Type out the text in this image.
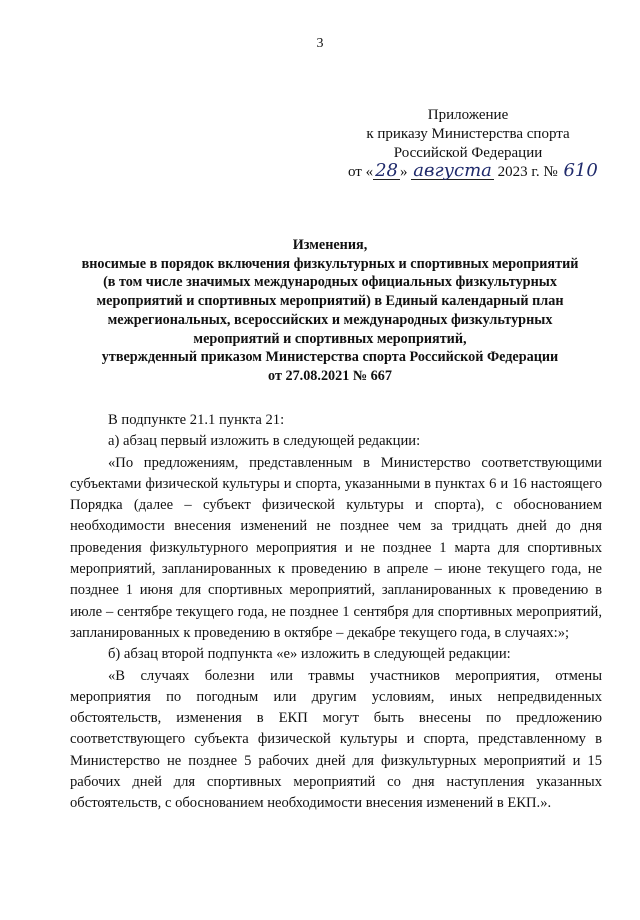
3
Приложение
к приказу Министерства спорта
Российской Федерации
от « 28 » августа 2023 г. № 610
Изменения,
вносимые в порядок включения физкультурных и спортивных мероприятий
(в том числе значимых международных официальных физкультурных
мероприятий и спортивных мероприятий) в Единый календарный план
межрегиональных, всероссийских и международных физкультурных
мероприятий и спортивных мероприятий,
утвержденный приказом Министерства спорта Российской Федерации
от 27.08.2021 № 667

В подпункте 21.1 пункта 21:

а) абзац первый изложить в следующей редакции:

«По предложениям, представленным в Министерство соответствующими субъектами физической культуры и спорта, указанными в пунктах 6 и 16 настоящего Порядка (далее – субъект физической культуры и спорта), с обоснованием необходимости внесения изменений не позднее чем за тридцать дней до дня проведения физкультурного мероприятия и не позднее 1 марта для спортивных мероприятий, запланированных к проведению в апреле – июне текущего года, не позднее 1 июня для спортивных мероприятий, запланированных к проведению в июле – сентябре текущего года, не позднее 1 сентября для спортивных мероприятий, запланированных к проведению в октябре – декабре текущего года, в случаях:»;

б) абзац второй подпункта «е» изложить в следующей редакции:

«В случаях болезни или травмы участников мероприятия, отмены мероприятия по погодным или другим условиям, иных непредвиденных обстоятельств, изменения в ЕКП могут быть внесены по предложению соответствующего субъекта физической культуры и спорта, представленному в Министерство не позднее 5 рабочих дней для физкультурных мероприятий и 15 рабочих дней для спортивных мероприятий со дня наступления указанных обстоятельств, с обоснованием необходимости внесения изменений в ЕКП.».
